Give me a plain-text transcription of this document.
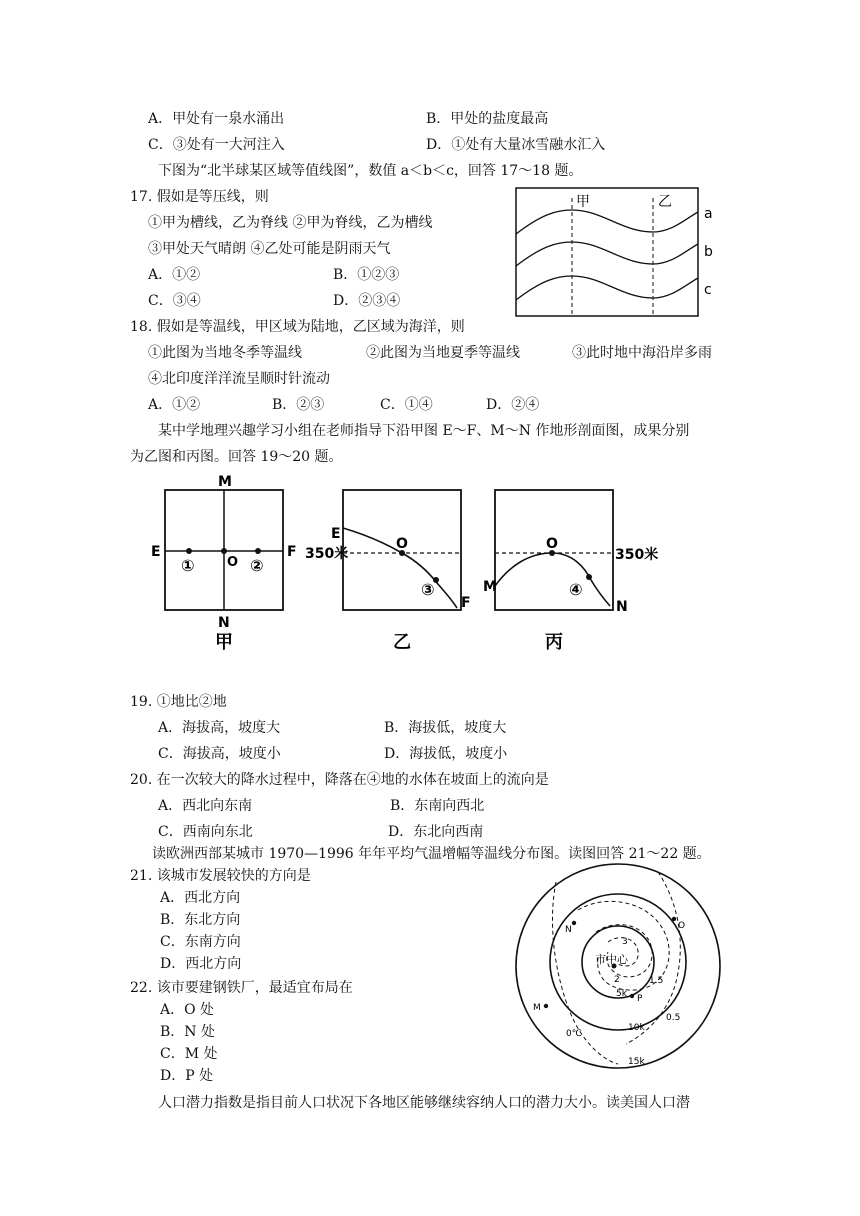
A．甲处有一泉水涌出	B．甲处的盐度最高
C．③处有一大河注入	D．①处有大量冰雪融水汇入
下图为“北半球某区域等值线图”，数值 a＜b＜c，回答 17～18 题。
17. 假如是等压线，则
①甲为槽线，乙为脊线 ②甲为脊线，乙为槽线
③甲处天气晴朗 ④乙处可能是阴雨天气
A．①②	B．①②③
C．③④	D．②③④
甲	乙
a
b
c
18. 假如是等温线，甲区域为陆地，乙区域为海洋，则
①此图为当地冬季等温线	②此图为当地夏季等温线	③此时地中海沿岸多雨
④北印度洋洋流呈顺时针流动
A．①②	B．②③	C．①④	D．②④
某中学地理兴趣学习小组在老师指导下沿甲图 E～F、M～N 作地形剖面图，成果分别
为乙图和丙图。回答 19～20 题。
M
N
E	F
O
①	②
甲
E
O
F
350米
③
乙
M
O
N
350米
④
丙
19. ①地比②地
A．海拔高，坡度大	B．海拔低，坡度大
C．海拔高，坡度小	D．海拔低，坡度小
20. 在一次较大的降水过程中，降落在④地的水体在坡面上的流向是
A．西北向东南	B．东南向西北
C．西南向东北	D．东北向西南
读欧洲西部某城市 1970—1996 年年平均气温增幅等温线分布图。读图回答 21～22 题。
21. 该城市发展较快的方向是
A．西北方向
B．东北方向
C．东南方向
D．西北方向
22. 该市要建钢铁厂，最适宜布局在
A．O 处
B．N 处
C．M 处
D．P 处
市中心
N	O
M
P
3
2	1.5
0.5
0℃
5k
10k
15k
人口潜力指数是指目前人口状况下各地区能够继续容纳人口的潜力大小。读美国人口潜
